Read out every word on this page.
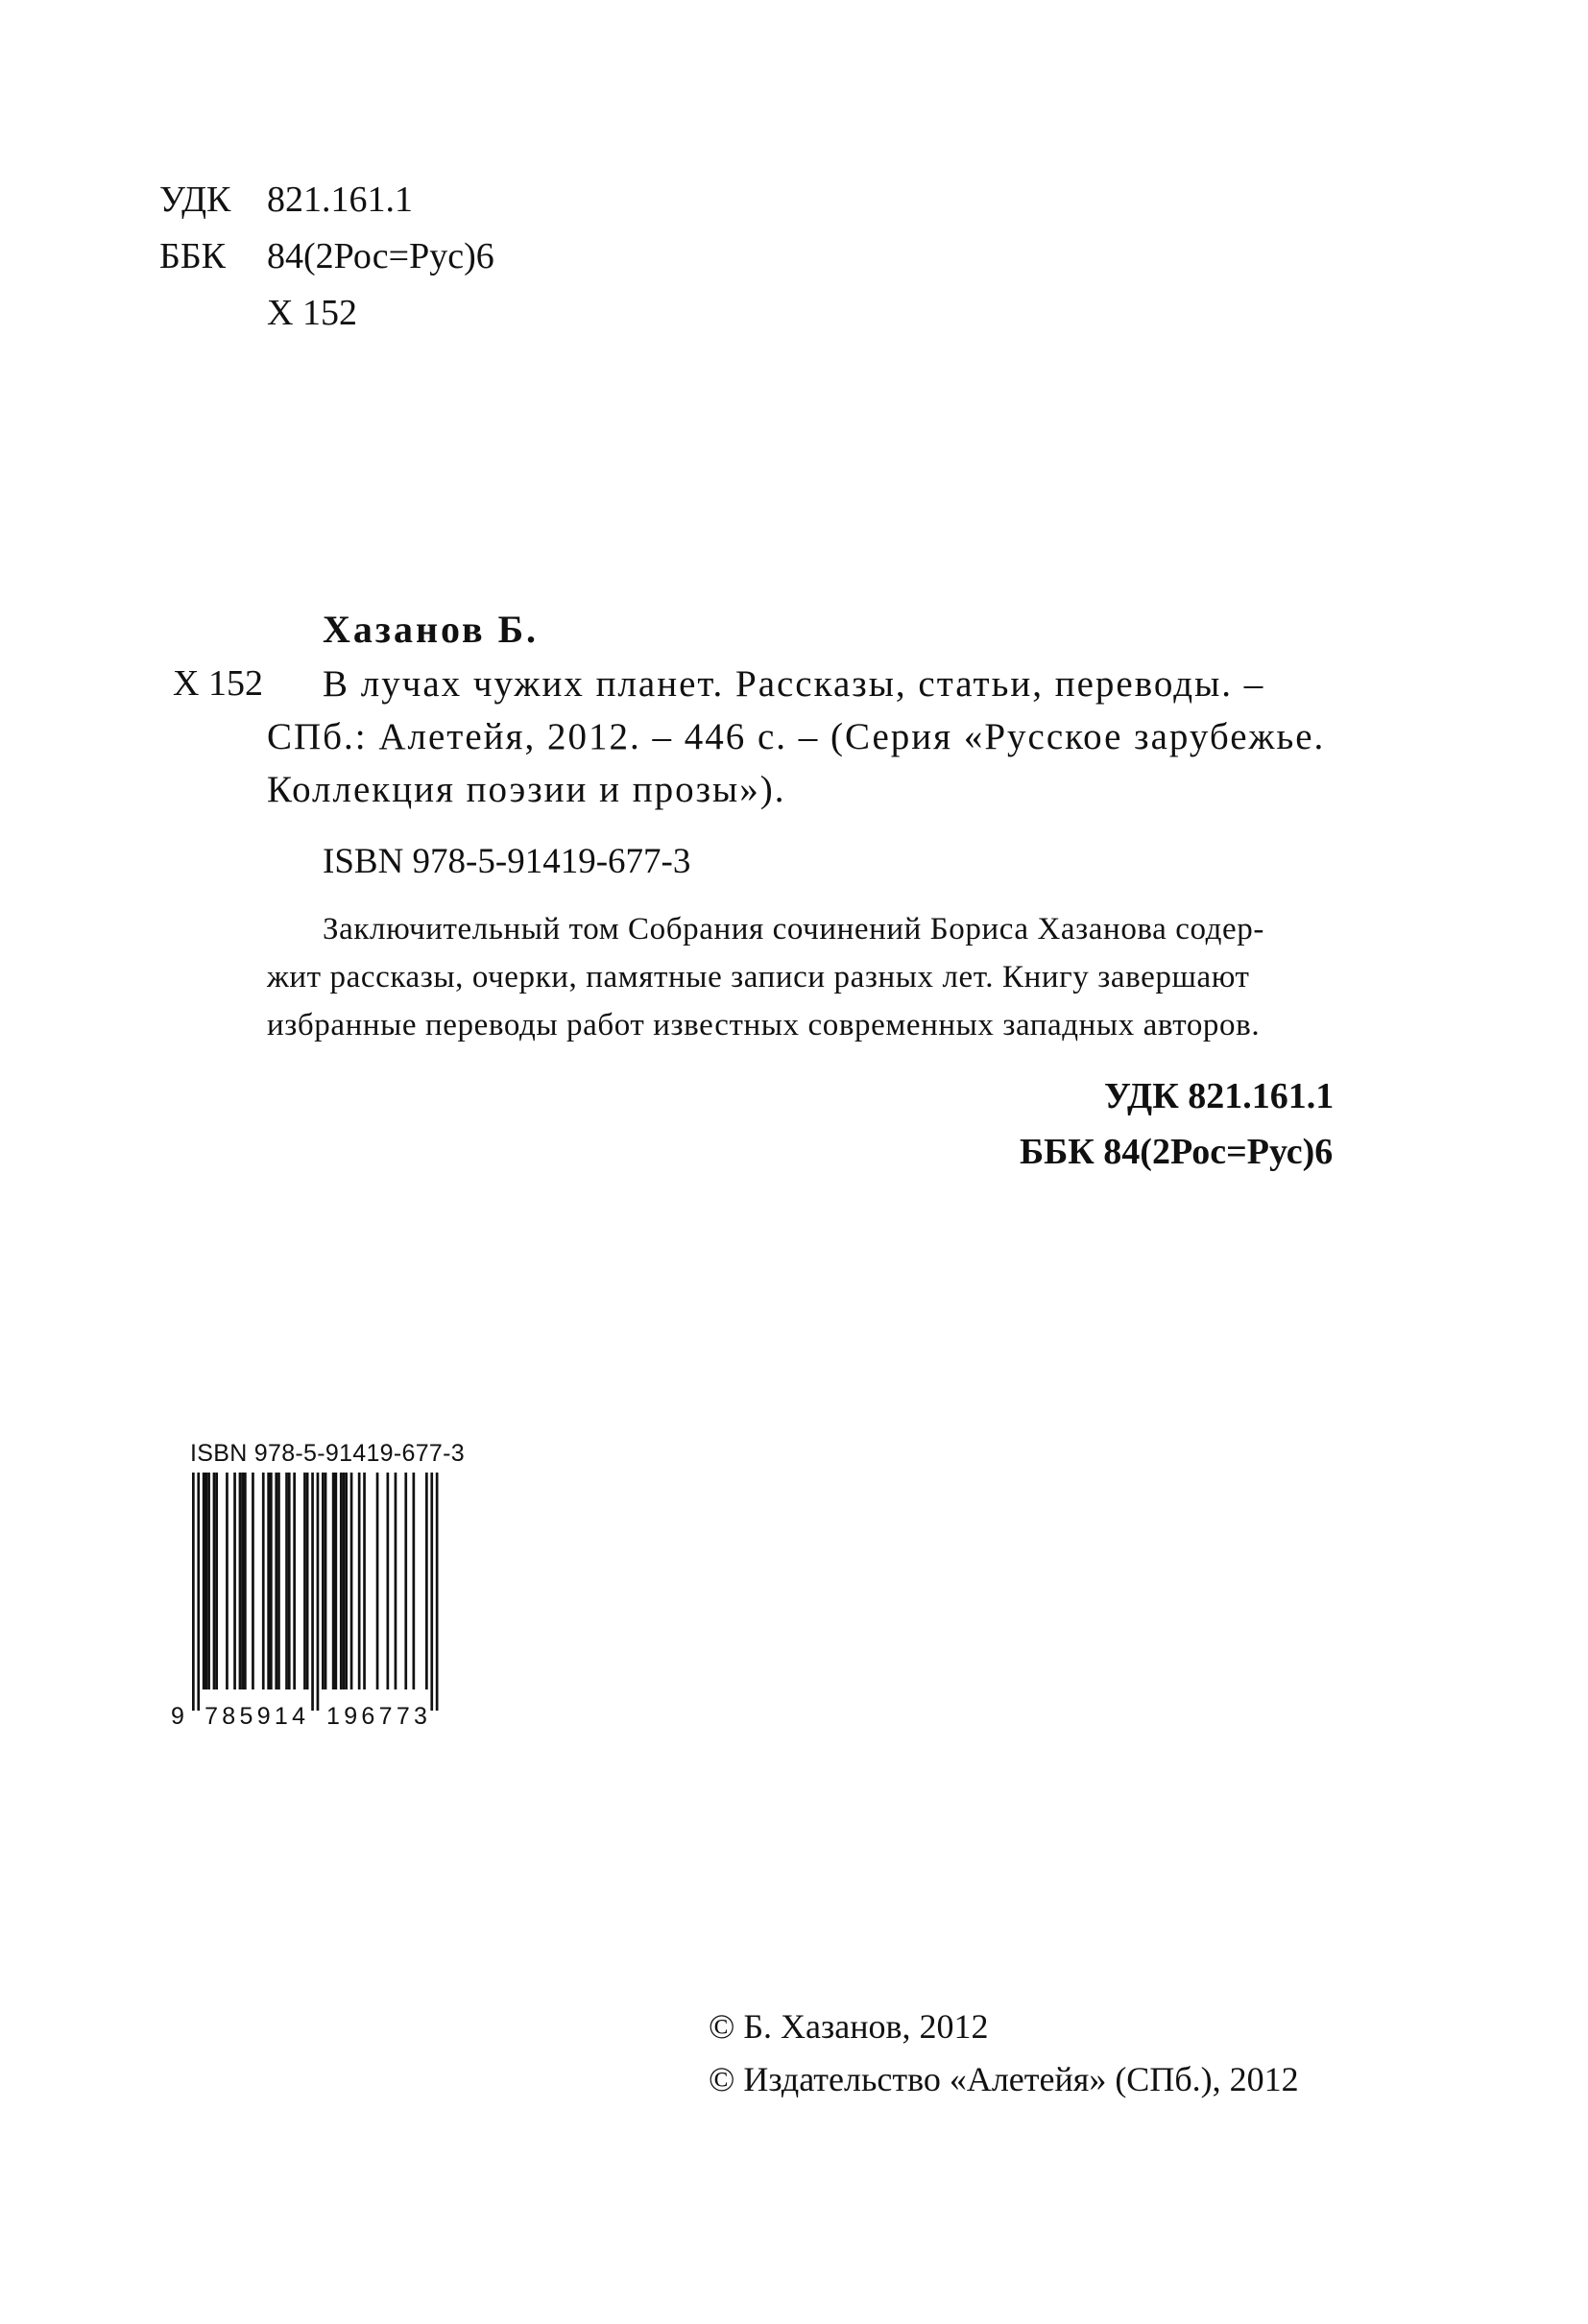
УДК 821.161.1
ББК 84(2Рос=Рус)6
Х 152
Хазанов Б.
Х 152 В лучах чужих планет. Рассказы, статьи, переводы. –
СПб.: Алетейя, 2012. – 446 с. – (Серия «Русское зарубежье.
Коллекция поэзии и прозы»).
ISBN 978-5-91419-677-3
Заключительный том Собрания сочинений Бориса Хазанова содер-
жит рассказы, очерки, памятные записи разных лет. Книгу завершают
избранные переводы работ известных современных западных авторов.
УДК 821.161.1
ББК 84(2Рос=Рус)6
ISBN 978-5-91419-677-3
9 785914 196773
© Б. Хазанов, 2012
© Издательство «Алетейя» (СПб.), 2012
